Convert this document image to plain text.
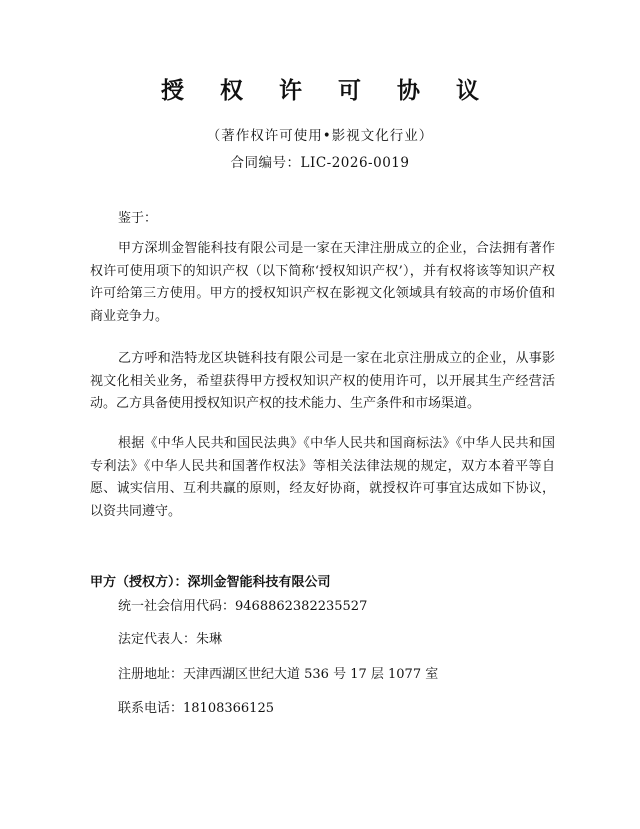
授 权 许 可 协 议
（著作权许可使用•影视文化行业）
合同编号：LIC-2026-0019
鉴于：

甲方深圳金智能科技有限公司是一家在天津注册成立的企业，合法拥有著作权许可使用项下的知识产权（以下简称‘授权知识产权’），并有权将该等知识产权许可给第三方使用。甲方的授权知识产权在影视文化领域具有较高的市场价值和商业竞争力。

乙方呼和浩特龙区块链科技有限公司是一家在北京注册成立的企业，从事影视文化相关业务，希望获得甲方授权知识产权的使用许可，以开展其生产经营活动。乙方具备使用授权知识产权的技术能力、生产条件和市场渠道。

根据《中华人民共和国民法典》《中华人民共和国商标法》《中华人民共和国专利法》《中华人民共和国著作权法》等相关法律法规的规定，双方本着平等自愿、诚实信用、互利共赢的原则，经友好协商，就授权许可事宜达成如下协议，以资共同遵守。

甲方（授权方）：深圳金智能科技有限公司
统一社会信用代码：9468862382235527
法定代表人：朱琳
注册地址：天津西湖区世纪大道 536 号 17 层 1077 室
联系电话：18108366125
